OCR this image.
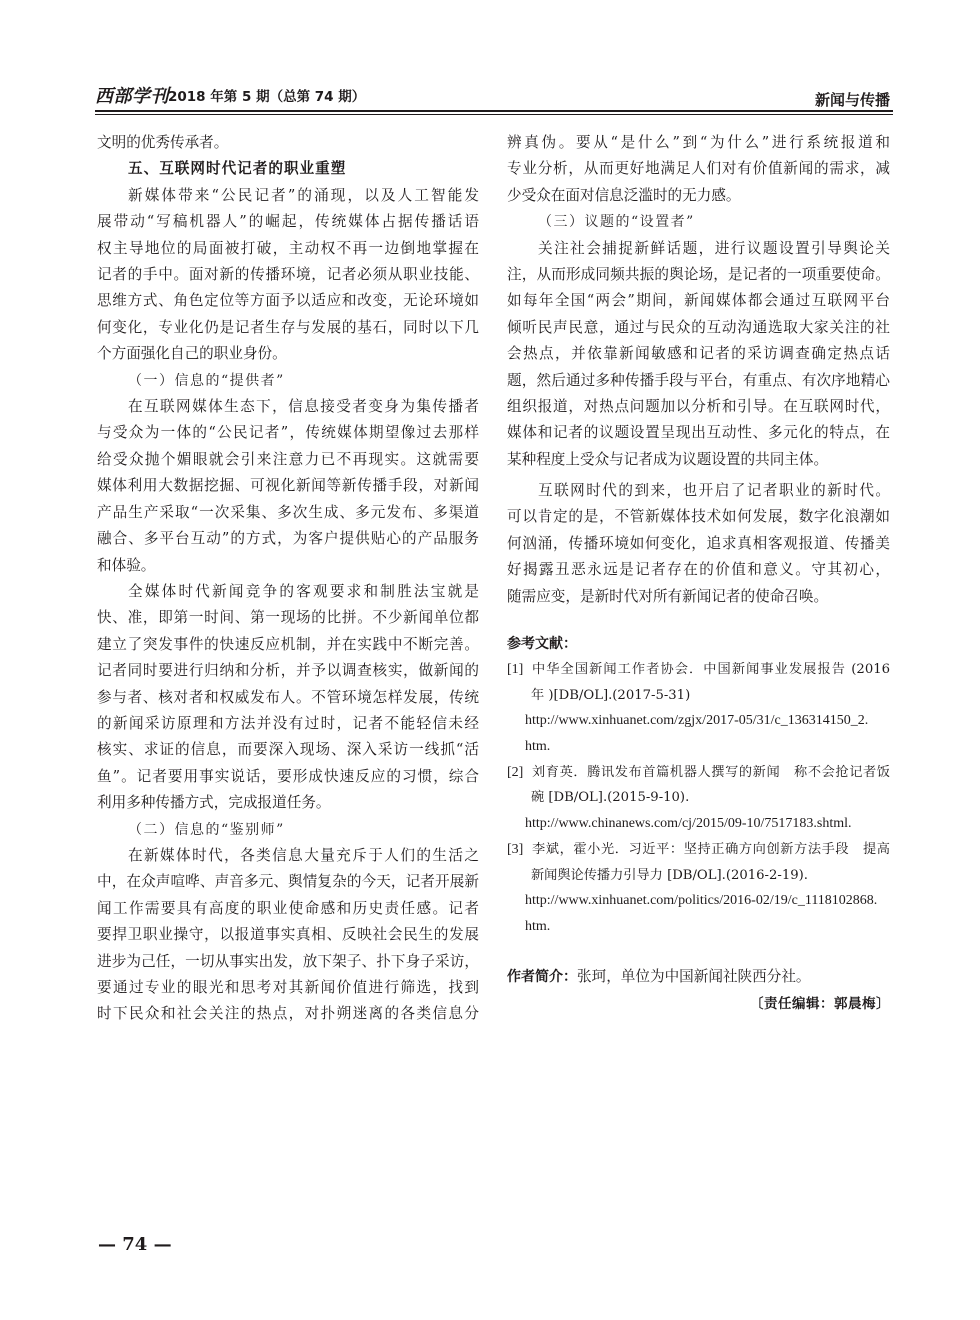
西部学刊 2018 年第 5 期（总第 74 期）	新闻与传播
文明的优秀传承者。
五、互联网时代记者的职业重塑
新媒体带来“公民记者”的涌现，以及人工智能发
展带动“写稿机器人”的崛起，传统媒体占据传播话语
权主导地位的局面被打破，主动权不再一边倒地掌握在
记者的手中。面对新的传播环境，记者必须从职业技能、
思维方式、角色定位等方面予以适应和改变，无论环境如
何变化，专业化仍是记者生存与发展的基石，同时以下几
个方面强化自己的职业身份。
（一）信息的“提供者”
在互联网媒体生态下，信息接受者变身为集传播者
与受众为一体的“公民记者”，传统媒体期望像过去那样
给受众抛个媚眼就会引来注意力已不再现实。这就需要
媒体利用大数据挖掘、可视化新闻等新传播手段，对新闻
产品生产采取“一次采集、多次生成、多元发布、多渠道
融合、多平台互动”的方式，为客户提供贴心的产品服务
和体验。
全媒体时代新闻竞争的客观要求和制胜法宝就是
快、准，即第一时间、第一现场的比拼。不少新闻单位都
建立了突发事件的快速反应机制，并在实践中不断完善。
记者同时要进行归纳和分析，并予以调查核实，做新闻的
参与者、核对者和权威发布人。不管环境怎样发展，传统
的新闻采访原理和方法并没有过时，记者不能轻信未经
核实、求证的信息，而要深入现场、深入采访一线抓“活
鱼”。记者要用事实说话，要形成快速反应的习惯，综合
利用多种传播方式，完成报道任务。
（二）信息的“鉴别师”
在新媒体时代，各类信息大量充斥于人们的生活之
中，在众声喧哗、声音多元、舆情复杂的今天，记者开展新
闻工作需要具有高度的职业使命感和历史责任感。记者
要捍卫职业操守，以报道事实真相、反映社会民生的发展
进步为己任，一切从事实出发，放下架子、扑下身子采访，
要通过专业的眼光和思考对其新闻价值进行筛选，找到
时下民众和社会关注的热点，对扑朔迷离的各类信息分
辨真伪。要从“是什么”到“为什么”进行系统报道和
专业分析，从而更好地满足人们对有价值新闻的需求，减
少受众在面对信息泛滥时的无力感。
（三）议题的“设置者”
关注社会捕捉新鲜话题，进行议题设置引导舆论关
注，从而形成同频共振的舆论场，是记者的一项重要使命。
如每年全国“两会”期间，新闻媒体都会通过互联网平台
倾听民声民意，通过与民众的互动沟通选取大家关注的社
会热点，并依靠新闻敏感和记者的采访调查确定热点话
题，然后通过多种传播手段与平台，有重点、有次序地精心
组织报道，对热点问题加以分析和引导。在互联网时代，
媒体和记者的议题设置呈现出互动性、多元化的特点，在
某种程度上受众与记者成为议题设置的共同主体。
互联网时代的到来，也开启了记者职业的新时代。
可以肯定的是，不管新媒体技术如何发展，数字化浪潮如
何汹涌，传播环境如何变化，追求真相客观报道、传播美
好揭露丑恶永远是记者存在的价值和意义。守其初心，
随需应变，是新时代对所有新闻记者的使命召唤。
参考文献：
[1] 中华全国新闻工作者协会．中国新闻事业发展报告 (2016
年 )[DB/OL].(2017-5-31)
http://www.xinhuanet.com/zgjx/2017-05/31/c_136314150_2.
htm.
[2] 刘育英．腾讯发布首篇机器人撰写的新闻　称不会抢记者饭
碗 [DB/OL].(2015-9-10).
http://www.chinanews.com/cj/2015/09-10/7517183.shtml.
[3] 李斌，霍小光．习近平：坚持正确方向创新方法手段　提高
新闻舆论传播力引导力 [DB/OL].(2016-2-19).
http://www.xinhuanet.com/politics/2016-02/19/c_1118102868.
htm.
作者简介：张珂，单位为中国新闻社陕西分社。
〔责任编辑：郭晨梅〕
— 74 —
